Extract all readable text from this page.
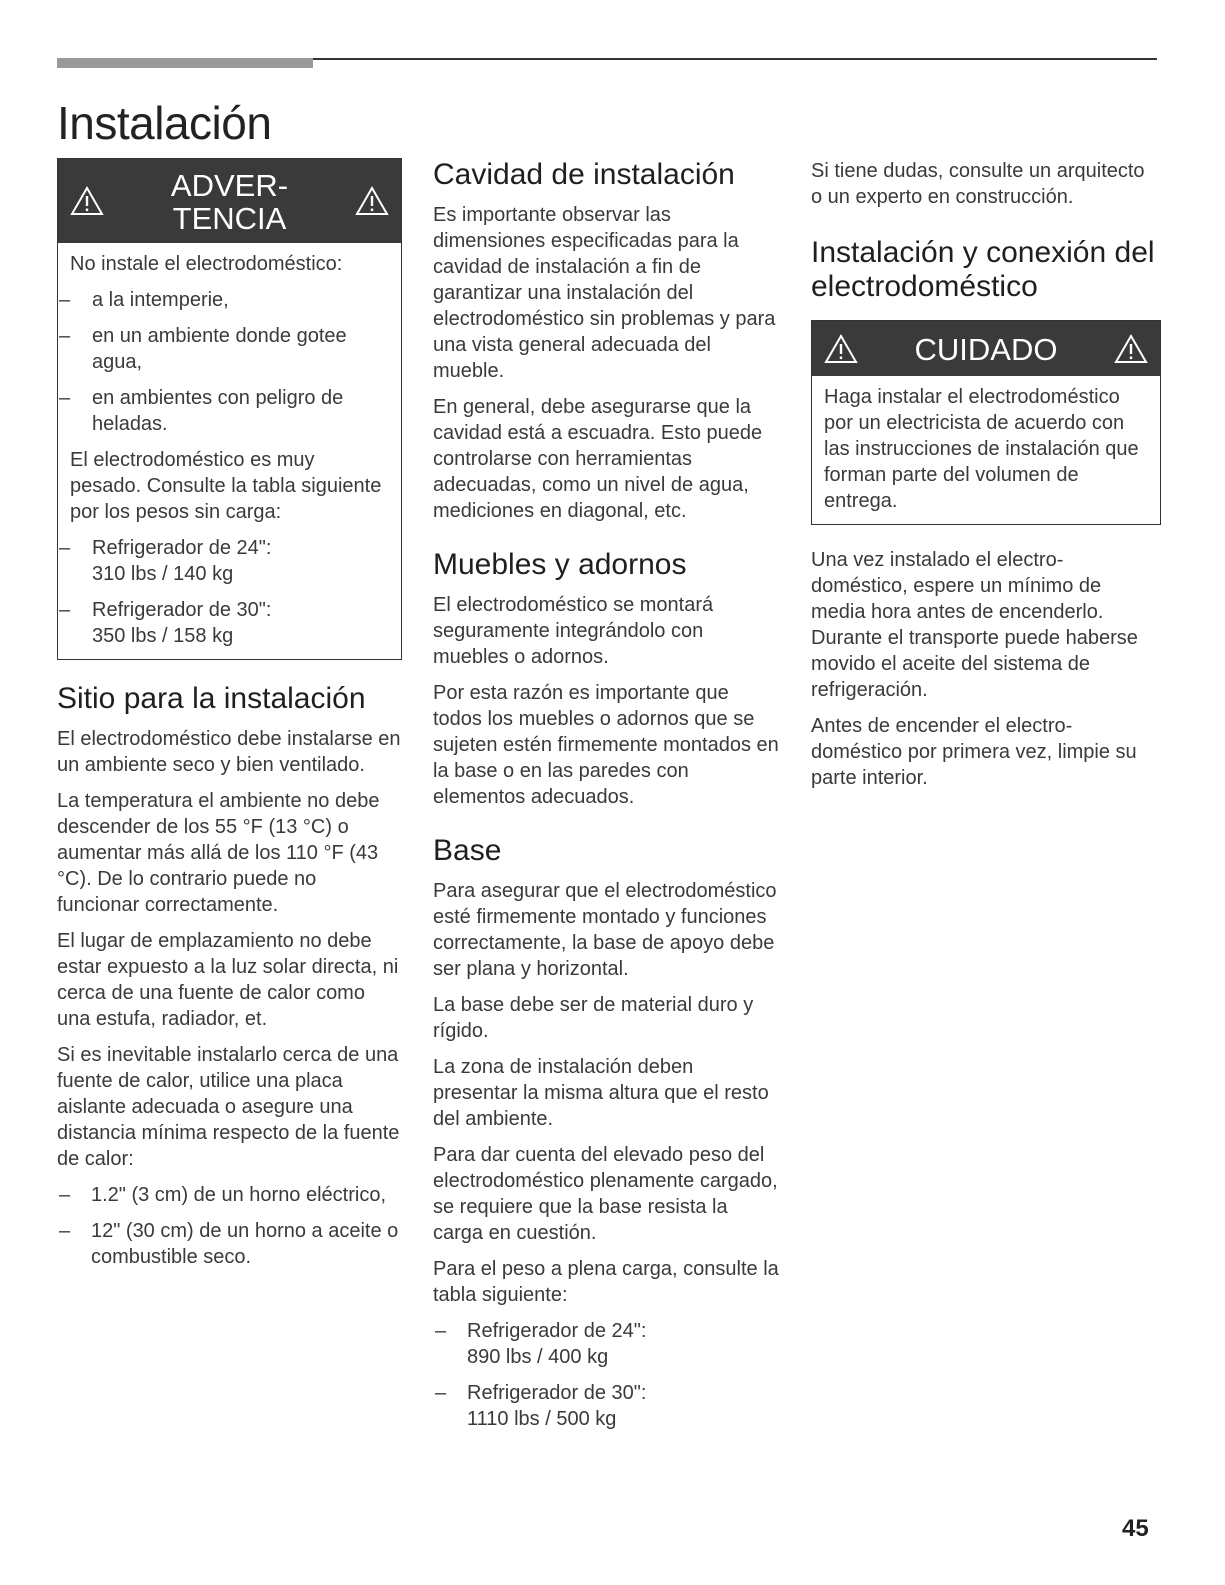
Instalación
ADVER-
TENCIA

No instale el electrodoméstico:

– a la intemperie,
– en un ambiente donde gotee agua,
– en ambientes con peligro de heladas.

El electrodoméstico es muy pesado. Consulte la tabla siguiente por los pesos sin carga:

– Refrigerador de 24":
310 lbs / 140 kg
– Refrigerador de 30":
350 lbs / 158 kg
Sitio para la instalación

El electrodoméstico debe instalarse en un ambiente seco y bien ventilado.

La temperatura el ambiente no debe descender de los 55 °F (13 °C) o aumentar más allá de los 110 °F (43 °C). De lo contrario puede no funcionar correctamente.

El lugar de emplazamiento no debe estar expuesto a la luz solar directa, ni cerca de una fuente de calor como una estufa, radiador, et.

Si es inevitable instalarlo cerca de una fuente de calor, utilice una placa aislante adecuada o asegure una distancia mínima respecto de la fuente de calor:

– 1.2" (3 cm) de un horno eléctrico,
– 12" (30 cm) de un horno a aceite o combustible seco.
Cavidad de instalación

Es importante observar las dimensiones especificadas para la cavidad de instalación a fin de garantizar una instalación del electrodoméstico sin problemas y para una vista general adecuada del mueble.

En general, debe asegurarse que la cavidad está a escuadra. Esto puede controlarse con herramientas adecuadas, como un nivel de agua, mediciones en diagonal, etc.

Muebles y adornos

El electrodoméstico se montará seguramente integrándolo con muebles o adornos.

Por esta razón es importante que todos los muebles o adornos que se sujeten estén firmemente montados en la base o en las paredes con elementos adecuados.

Base

Para asegurar que el electrodoméstico esté firmemente montado y funciones correctamente, la base de apoyo debe ser plana y horizontal.

La base debe ser de material duro y rígido.

La zona de instalación deben presentar la misma altura que el resto del ambiente.

Para dar cuenta del elevado peso del electrodoméstico plenamente cargado, se requiere que la base resista la carga en cuestión.

Para el peso a plena carga, consulte la tabla siguiente:

– Refrigerador de 24":
890 lbs / 400 kg
– Refrigerador de 30":
1110 lbs / 500 kg

Si tiene dudas, consulte un arquitecto o un experto en construcción.

Instalación y conexión del electrodoméstico
CUIDADO

Haga instalar el electrodoméstico por un electricista de acuerdo con las instrucciones de instalación que forman parte del volumen de entrega.

Una vez instalado el electro- doméstico, espere un mínimo de media hora antes de encenderlo. Durante el transporte puede haberse movido el aceite del sistema de refrigeración.

Antes de encender el electro- doméstico por primera vez, limpie su parte interior.

45
